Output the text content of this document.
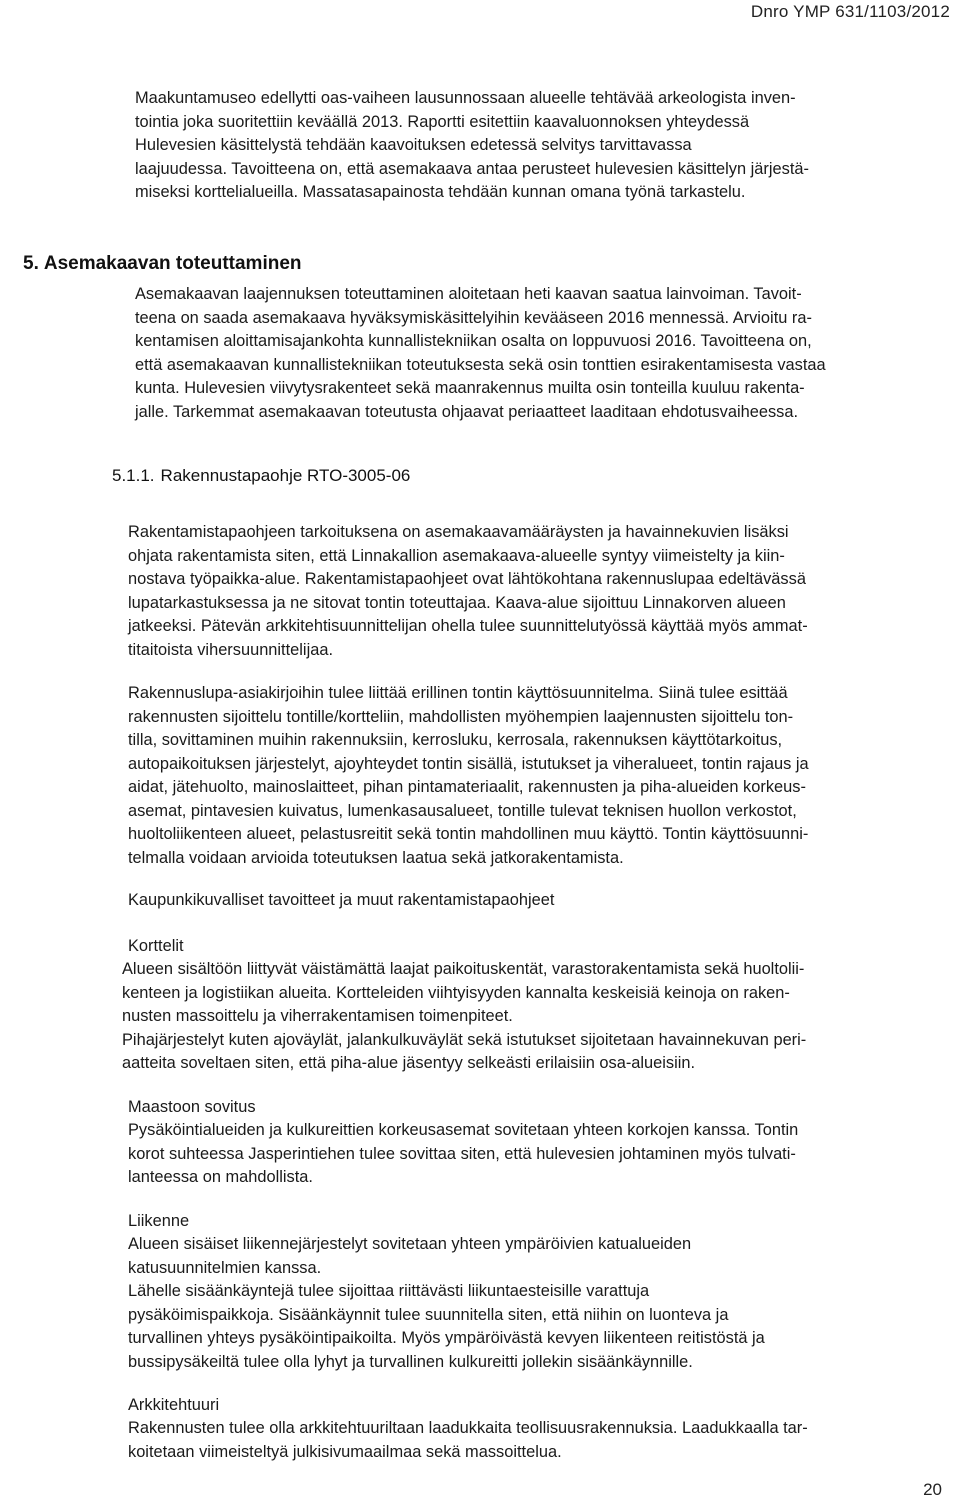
Dnro YMP 631/1103/2012
Maakuntamuseo edellytti oas-vaiheen lausunnossaan alueelle tehtävää arkeologista inven-
tointia joka suoritettiin keväällä 2013. Raportti esitettiin kaavaluonnoksen yhteydessä
Hulevesien käsittelystä tehdään kaavoituksen edetessä selvitys tarvittavassa
laajuudessa. Tavoitteena on, että asemakaava antaa perusteet hulevesien käsittelyn järjestä-
miseksi korttelialueilla. Massatasapainosta tehdään kunnan omana työnä tarkastelu.
5. Asemakaavan toteuttaminen
Asemakaavan laajennuksen toteuttaminen aloitetaan heti kaavan saatua lainvoiman. Tavoit-
teena on saada asemakaava hyväksymiskäsittelyihin kevääseen 2016 mennessä. Arvioitu ra-
kentamisen aloittamisajankohta kunnallistekniikan osalta on loppuvuosi 2016. Tavoitteena on,
että asemakaavan kunnallistekniikan toteutuksesta sekä osin tonttien esirakentamisesta vastaa
kunta. Hulevesien viivytysrakenteet sekä maanrakennus muilta osin tonteilla kuuluu rakenta-
jalle. Tarkemmat asemakaavan toteutusta ohjaavat periaatteet laaditaan ehdotusvaiheessa.
5.1.1. Rakennustapaohje RTO-3005-06
Rakentamistapaohjeen tarkoituksena on asemakaavamääräysten ja havainnekuvien lisäksi
ohjata rakentamista siten, että Linnakallion asemakaava-alueelle syntyy viimeistelty ja kiin-
nostava työpaikka-alue. Rakentamistapaohjeet ovat lähtökohtana rakennuslupaa edeltävässä
lupatarkastuksessa ja ne sitovat tontin toteuttajaa. Kaava-alue sijoittuu Linnakorven alueen
jatkeeksi. Pätevän arkkitehtisuunnittelijan ohella tulee suunnittelutyössä käyttää myös ammat-
titaitoista vihersuunnittelijaa.
Rakennuslupa-asiakirjoihin tulee liittää erillinen tontin käyttösuunnitelma. Siinä tulee esittää
rakennusten sijoittelu tontille/kortteliin, mahdollisten myöhempien laajennusten sijoittelu ton-
tilla, sovittaminen muihin rakennuksiin, kerrosluku, kerrosala, rakennuksen käyttötarkoitus,
autopaikoituksen järjestelyt, ajoyhteydet tontin sisällä, istutukset ja viheralueet, tontin rajaus ja
aidat, jätehuolto, mainoslaitteet, pihan pintamateriaalit, rakennusten ja piha-alueiden korkeus-
asemat, pintavesien kuivatus, lumenkasausalueet, tontille tulevat teknisen huollon verkostot,
huoltoliikenteen alueet, pelastusreitit sekä tontin mahdollinen muu käyttö. Tontin käyttösuunni-
telmalla voidaan arvioida toteutuksen laatua sekä jatkorakentamista.
Kaupunkikuvalliset tavoitteet ja muut rakentamistapaohjeet
Korttelit
Alueen sisältöön liittyvät väistämättä laajat paikoituskentät, varastorakentamista sekä huoltolii-
kenteen ja logistiikan alueita. Kortteleiden viihtyisyyden kannalta keskeisiä keinoja on raken-
nusten massoittelu ja viherrakentamisen toimenpiteet.
Pihajärjestelyt kuten ajoväylät, jalankulkuväylät sekä istutukset sijoitetaan havainnekuvan peri-
aatteita soveltaen siten, että piha-alue jäsentyy selkeästi erilaisiin osa-alueisiin.
Maastoon sovitus
Pysäköintialueiden ja kulkureittien korkeusasemat sovitetaan yhteen korkojen kanssa. Tontin
korot suhteessa Jasperintiehen tulee sovittaa siten, että hulevesien johtaminen myös tulvati-
lanteessa on mahdollista.
Liikenne
Alueen sisäiset liikennejärjestelyt sovitetaan yhteen ympäröivien katualueiden
katusuunnitelmien kanssa.
Lähelle sisäänkäyntejä tulee sijoittaa riittävästi liikuntaesteisille varattuja
pysäköimispaikkoja. Sisäänkäynnit tulee suunnitella siten, että niihin on luonteva ja
turvallinen yhteys pysäköintipaikoilta. Myös ympäröivästä kevyen liikenteen reitistöstä ja
bussipysäkeiltä tulee olla lyhyt ja turvallinen kulkureitti jollekin sisäänkäynnille.
Arkkitehtuuri
Rakennusten tulee olla arkkitehtuuriltaan laadukkaita teollisuusrakennuksia. Laadukkaalla tar-
koitetaan viimeisteltyä julkisivumaailmaa sekä massoittelua.
20
